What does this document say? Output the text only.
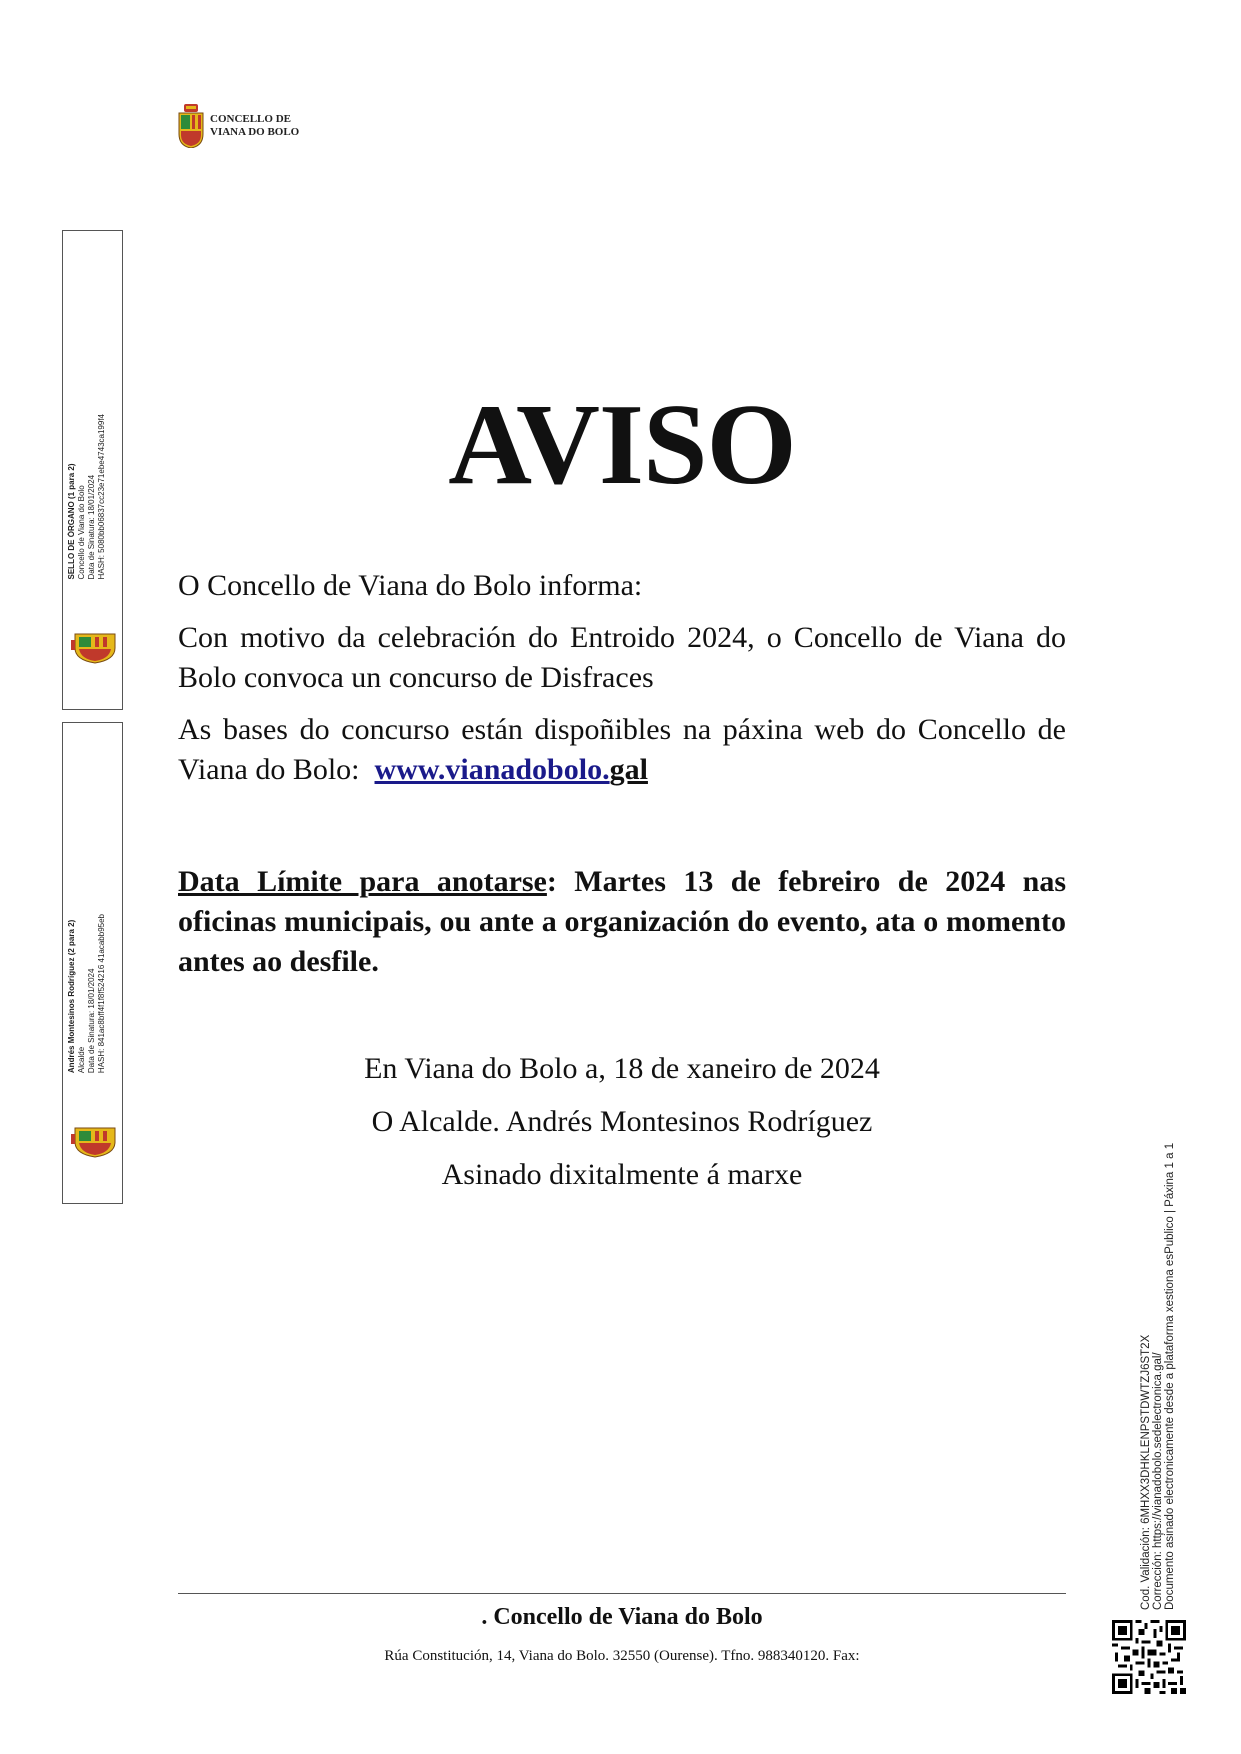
CONCELLO DE
VIANA DO BOLO
SELLO DE ÓRGANO (1 para 2) Concello de Viana do Bolo Data de Sinatura: 18/01/2024 HASH: 5080bb06837cc23e71ebe4743ca199f4
Andrés Montesinos Rodríguez (2 para 2) Alcalde Data de Sinatura: 18/01/2024 HASH: 841ac8bff4f1f8f524216 41acabb95eb
AVISO

O Concello de Viana do Bolo informa:

Con motivo da celebración do Entroido 2024, o Concello de Viana do Bolo convoca un concurso de Disfraces

As bases do concurso están dispoñibles na páxina web do Concello de Viana do Bolo: www.vianadobolo.gal

Data Límite para anotarse: Martes 13 de febreiro de 2024 nas oficinas municipais, ou ante a organización do evento, ata o momento antes ao desfile.

En Viana do Bolo a, 18 de xaneiro de 2024
O Alcalde. Andrés Montesinos Rodríguez
Asinado dixitalmente á marxe
. Concello de Viana do Bolo
Rúa Constitución, 14, Viana do Bolo. 32550 (Ourense). Tfno. 988340120. Fax:
Cod. Validación: 6MHXX3DHKLENPSTDWTZJ6ST2X Corrección: https://vianadobolo.sedelectronica.gal/ Documento asinado electronicamente desde a plataforma xestiona esPublico | Páxina 1 a 1
